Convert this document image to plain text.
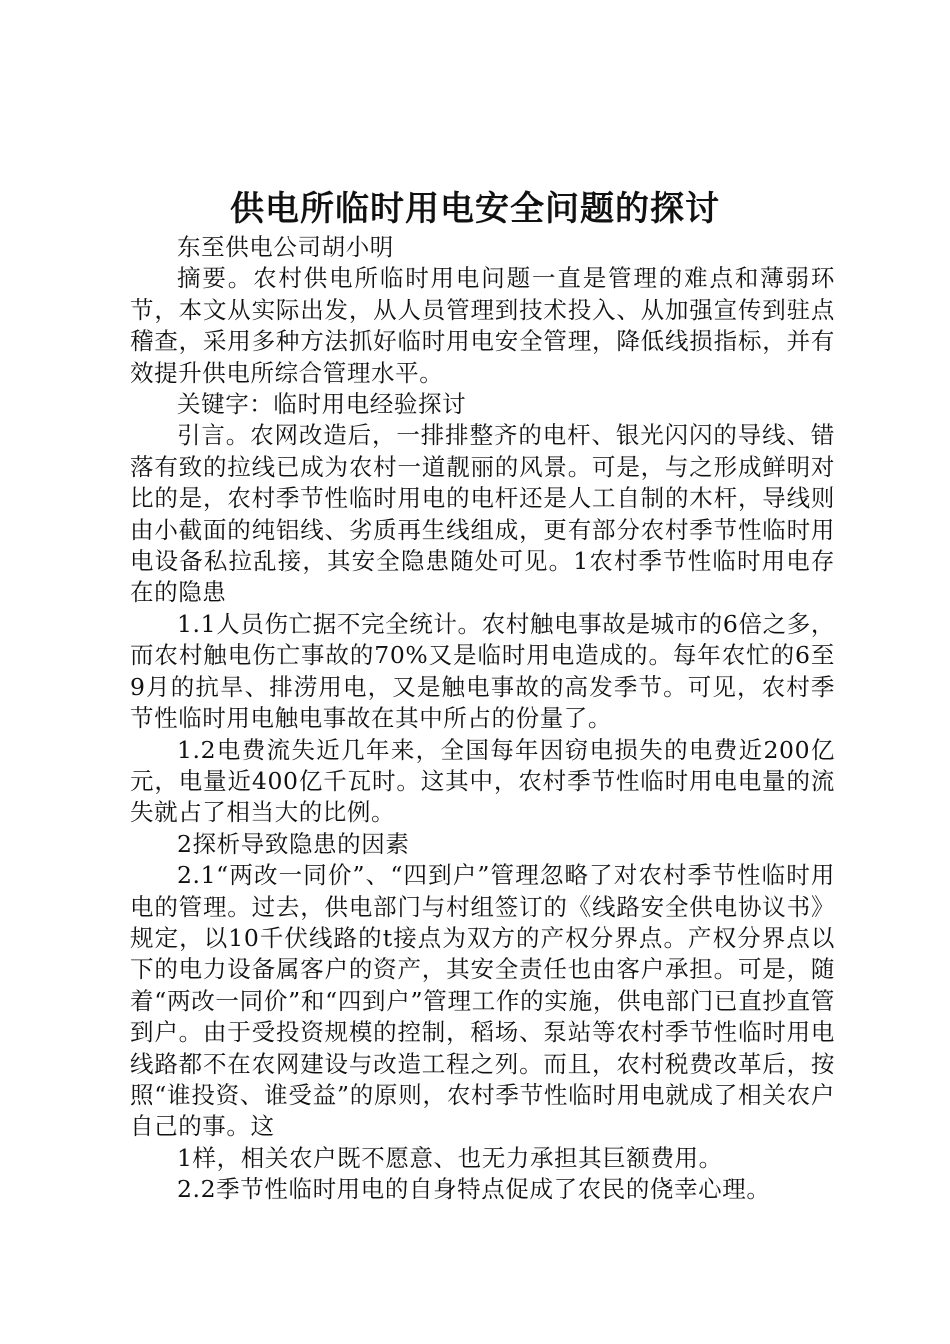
供电所临时用电安全问题的探讨

东至供电公司胡小明

摘要。农村供电所临时用电问题一直是管理的难点和薄弱环节，本文从实际出发，从人员管理到技术投入、从加强宣传到驻点稽查，采用多种方法抓好临时用电安全管理，降低线损指标，并有效提升供电所综合管理水平。

关键字：临时用电经验探讨

引言。农网改造后，一排排整齐的电杆、银光闪闪的导线、错落有致的拉线已成为农村一道靓丽的风景。可是，与之形成鲜明对比的是，农村季节性临时用电的电杆还是人工自制的木杆，导线则由小截面的纯铝线、劣质再生线组成，更有部分农村季节性临时用电设备私拉乱接，其安全隐患随处可见。1农村季节性临时用电存在的隐患

1.1人员伤亡据不完全统计。农村触电事故是城市的6倍之多，而农村触电伤亡事故的70%又是临时用电造成的。每年农忙的6至9月的抗旱、排涝用电，又是触电事故的高发季节。可见，农村季节性临时用电触电事故在其中所占的份量了。

1.2电费流失近几年来，全国每年因窃电损失的电费近200亿元，电量近400亿千瓦时。这其中，农村季节性临时用电电量的流失就占了相当大的比例。

2探析导致隐患的因素

2.1“两改一同价”、“四到户”管理忽略了对农村季节性临时用电的管理。过去，供电部门与村组签订的《线路安全供电协议书》规定，以10千伏线路的t接点为双方的产权分界点。产权分界点以下的电力设备属客户的资产，其安全责任也由客户承担。可是，随着“两改一同价”和“四到户”管理工作的实施，供电部门已直抄直管到户。由于受投资规模的控制，稻场、泵站等农村季节性临时用电线路都不在农网建设与改造工程之列。而且，农村税费改革后，按照“谁投资、谁受益”的原则，农村季节性临时用电就成了相关农户自己的事。这

1样，相关农户既不愿意、也无力承担其巨额费用。

2.2季节性临时用电的自身特点促成了农民的侥幸心理。
